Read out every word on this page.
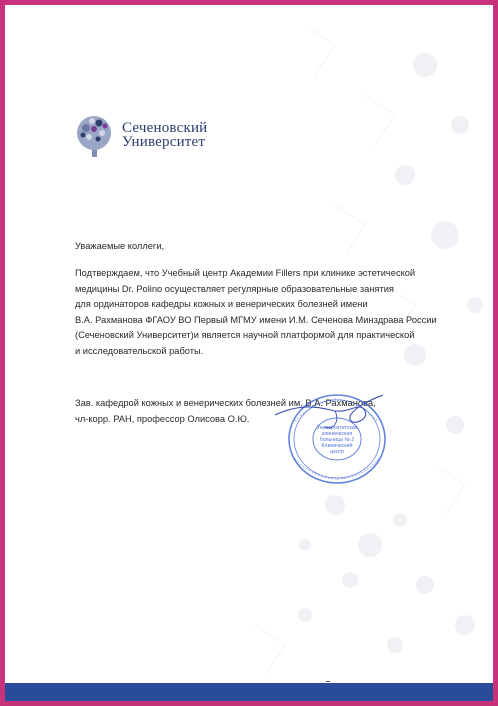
Сеченовский
Университет
Уважаемые коллеги,
Подтверждаем, что Учебный центр Академии Fillers при клинике эстетической
медицины Dr. Polino осуществляет регулярные образовательные занятия
для ординаторов кафедры кожных и венерических болезней имени
В.А. Рахманова ФГАОУ ВО Первый МГМУ имени И.М. Сеченова Минздрава России
(Сеченовский Университет)и является научной платформой для практической
и исследовательской работы.
Зав. кафедрой кожных и венерических болезней им. В.А. Рахманова,
чл-корр. РАН, профессор Олисова О.Ю.
Университетская
клиническая
больница № 2
Клинический
центр
